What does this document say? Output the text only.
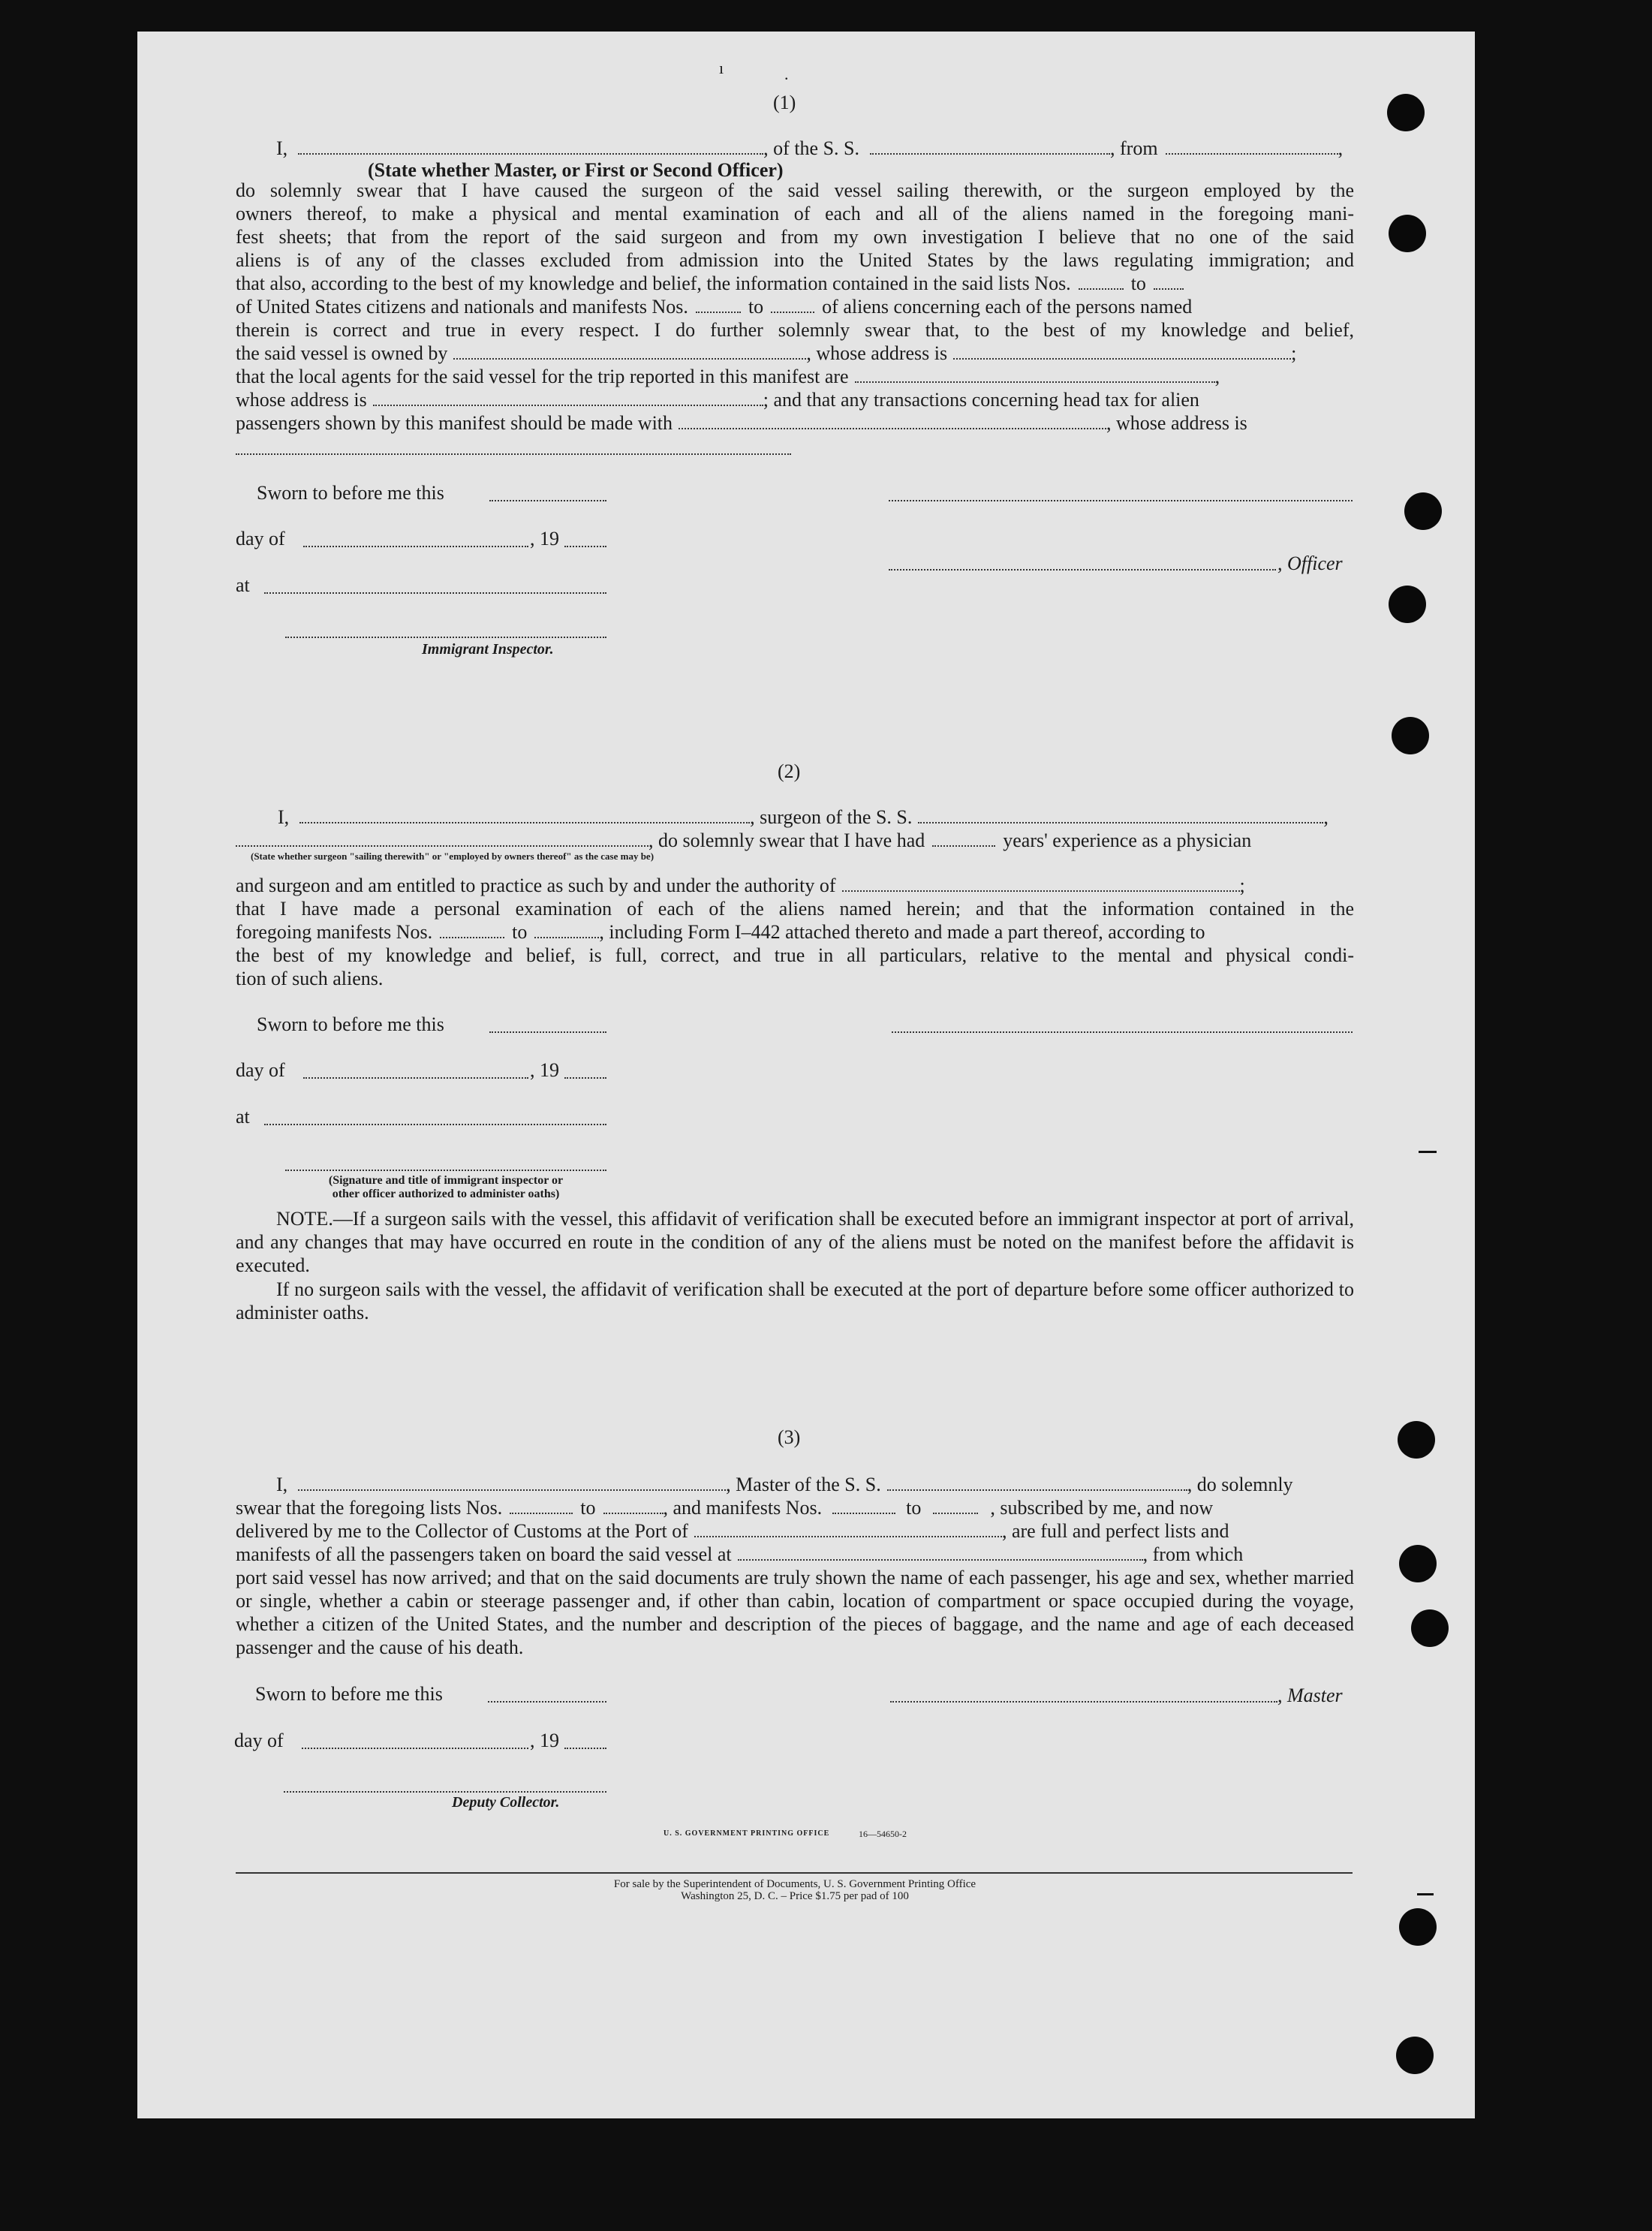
ı	.
(1)
I,	, of the S. S.	, from	,
(State whether Master, or First or Second Officer)
do solemnly swear that I have caused the surgeon of the said vessel sailing therewith, or the surgeon employed by the
owners thereof, to make a physical and mental examination of each and all of the aliens named in the foregoing mani-
fest sheets; that from the report of the said surgeon and from my own investigation I believe that no one of the said
aliens is of any of the classes excluded from admission into the United States by the laws regulating immigration; and
that also, according to the best of my knowledge and belief, the information contained in the said lists Nos.	to
of United States citizens and nationals and manifests Nos.	to	of aliens concerning each of the persons named
therein is correct and true in every respect. I do further solemnly swear that, to the best of my knowledge and belief,
the said vessel is owned by	, whose address is	;
that the local agents for the said vessel for the trip reported in this manifest are	,
whose address is	; and that any transactions concerning head tax for alien
passengers shown by this manifest should be made with	, whose address is
Sworn to before me this
day of	, 19
, Officer
at
Immigrant Inspector.
(2)
I,	, surgeon of the S. S.	,
, do solemnly swear that I have had	years' experience as a physician
(State whether surgeon "sailing therewith" or "employed by owners thereof" as the case may be)
and surgeon and am entitled to practice as such by and under the authority of	;
that I have made a personal examination of each of the aliens named herein; and that the information contained in the
foregoing manifests Nos.	to	, including Form I–442 attached thereto and made a part thereof, according to
the best of my knowledge and belief, is full, correct, and true in all particulars, relative to the mental and physical condi-
tion of such aliens.
Sworn to before me this
day of	, 19
at
(Signature and title of immigrant inspector or
other officer authorized to administer oaths)
NOTE.—If a surgeon sails with the vessel, this affidavit of verification shall be executed before an immigrant inspector at port of arrival, and any changes that may have occurred en route in the condition of any of the aliens must be noted on the manifest before the affidavit is executed.
If no surgeon sails with the vessel, the affidavit of verification shall be executed at the port of departure before some officer authorized to administer oaths.
(3)
I,	, Master of the S. S.	, do solemnly
swear that the foregoing lists Nos.	to	, and manifests Nos.	to	, subscribed by me, and now
delivered by me to the Collector of Customs at the Port of	, are full and perfect lists and
manifests of all the passengers taken on board the said vessel at	, from which
port said vessel has now arrived; and that on the said documents are truly shown the name of each passenger, his age and sex, whether married or single, whether a cabin or steerage passenger and, if other than cabin, location of compartment or space occupied during the voyage, whether a citizen of the United States, and the number and description of the pieces of baggage, and the name and age of each deceased passenger and the cause of his death.
Sworn to before me this	, Master
day of	, 19
Deputy Collector.
U. S. GOVERNMENT PRINTING OFFICE	16—54650-2
For sale by the Superintendent of Documents, U. S. Government Printing Office
Washington 25, D. C. – Price $1.75 per pad of 100
